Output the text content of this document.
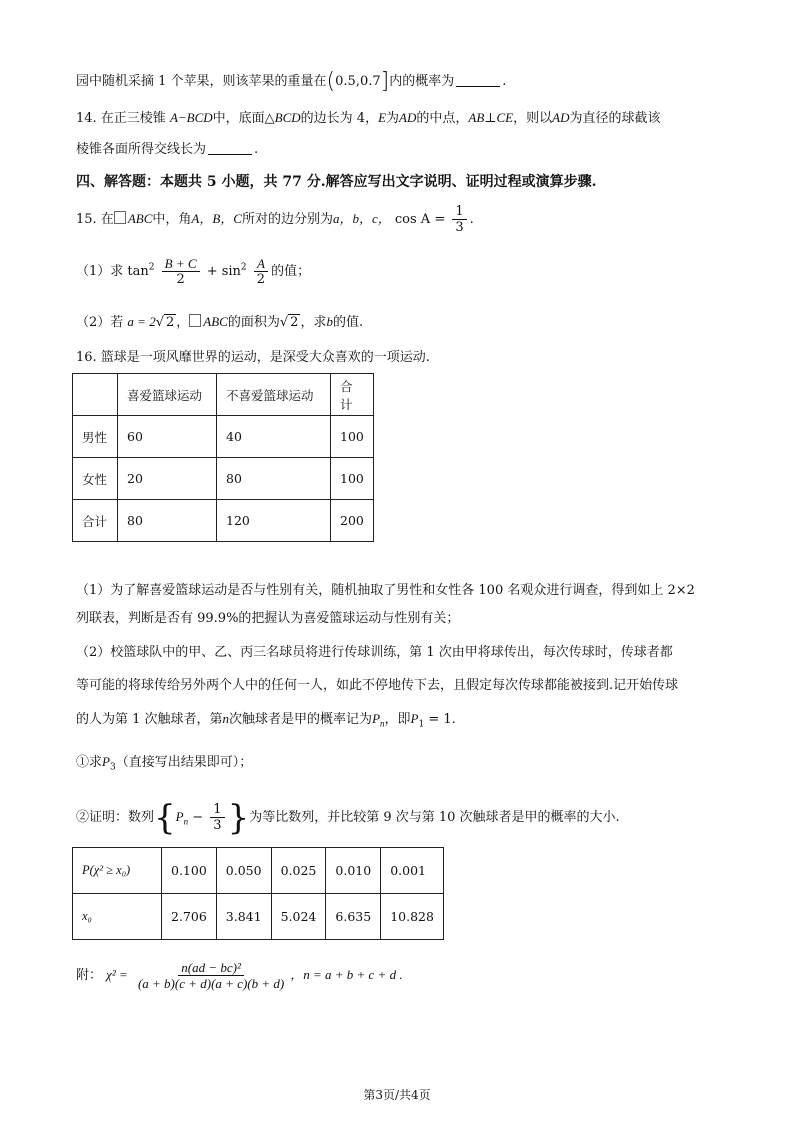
园中随机采摘 1 个苹果，则该苹果的重量在(0.5,0.7]内的概率为	.
14. 在正三棱锥 A−BCD中，底面△BCD的边长为 4，E为AD的中点，AB⊥CE，则以AD为直径的球截该
棱锥各面所得交线长为	.
四、解答题：本题共 5 小题，共 77 分.解答应写出文字说明、证明过程或演算步骤.
15. 在 ABC中，角A，B，C所对的边分别为a，b，c， $\cos A = \frac{1}{3}$ .
（1）求 $\tan^2 \frac{B + C}{2} + \sin^2 \frac{A}{2}$ 的值；
（2）若 a = 2√ 2 ， ABC的面积为√ 2 ，求b的值.
16. 篮球是一项风靡世界的运动，是深受大众喜欢的一项运动.
	喜爱篮球运动	不喜爱篮球运动	合计
男性	60	40	100
女性	20	80	100
合计	80	120	200
（1）为了解喜爱篮球运动是否与性别有关，随机抽取了男性和女性各 100 名观众进行调查，得到如上 2×2
列联表，判断是否有 99.9%的把握认为喜爱篮球运动与性别有关；
（2）校篮球队中的甲、乙、丙三名球员将进行传球训练，第 1 次由甲将球传出，每次传球时，传球者都
等可能的将球传给另外两个人中的任何一人，如此不停地传下去，且假定每次传球都能被接到.记开始传球
的人为第 1 次触球者，第n次触球者是甲的概率记为$P_n$，即$P_1 = 1$.
①求$P_3$（直接写出结果即可）；
②证明：数列{$P_n - \frac{1}{3}$ }为等比数列，并比较第 9 次与第 10 次触球者是甲的概率的大小.
P(χ² ≥ x₀)	0.100	0.050	0.025	0.010	0.001
x₀	2.706	3.841	5.024	6.635	10.828
附： $\chi^2 = \frac{\text{n(ad − bc)²}}{(a + b)(c + d)(a + c)(b + d)}$ ，n = a + b + c + d .
第3页/共4页
